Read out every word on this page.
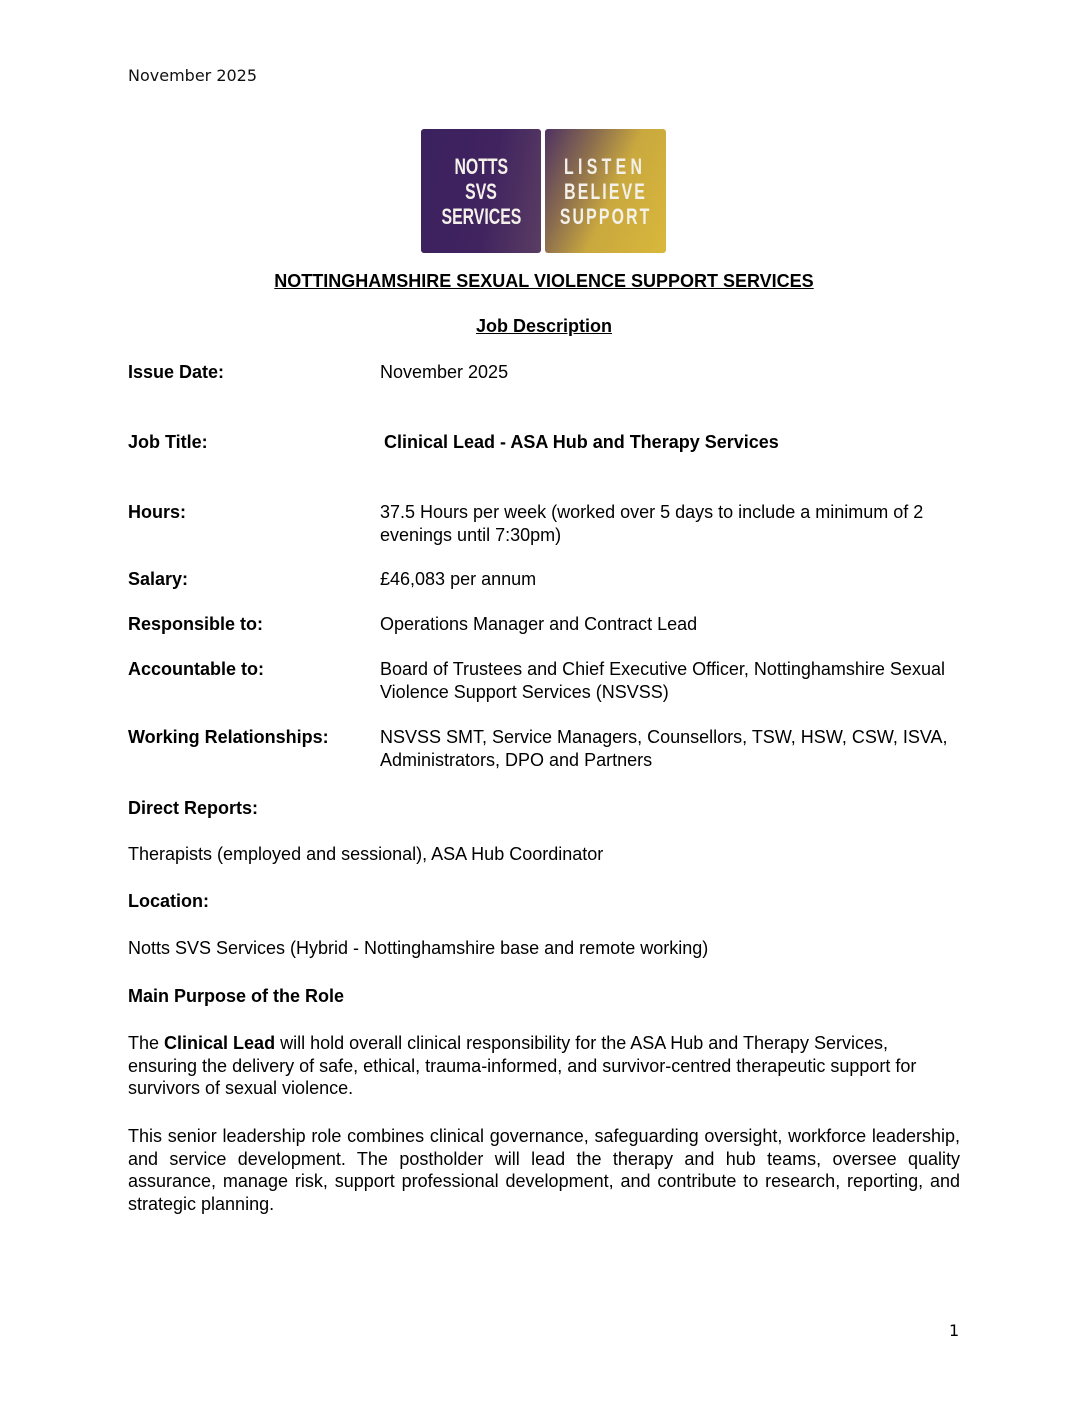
November 2025
NOTTS
SVS
SERVICES
LISTEN
BELIEVE
SUPPORT
NOTTINGHAMSHIRE SEXUAL VIOLENCE SUPPORT SERVICES
Job Description
Issue Date:	November 2025
Job Title:	Clinical Lead - ASA Hub and Therapy Services
Hours:	37.5 Hours per week (worked over 5 days to include a minimum of 2 evenings until 7:30pm)
Salary:	£46,083 per annum
Responsible to:	Operations Manager and Contract Lead
Accountable to:	Board of Trustees and Chief Executive Officer, Nottinghamshire Sexual Violence Support Services (NSVSS)
Working Relationships:	NSVSS SMT, Service Managers, Counsellors, TSW, HSW, CSW, ISVA, Administrators, DPO and Partners
Direct Reports:
Therapists (employed and sessional), ASA Hub Coordinator
Location:
Notts SVS Services (Hybrid - Nottinghamshire base and remote working)
Main Purpose of the Role
The Clinical Lead will hold overall clinical responsibility for the ASA Hub and Therapy Services, ensuring the delivery of safe, ethical, trauma-informed, and survivor-centred therapeutic support for survivors of sexual violence.
This senior leadership role combines clinical governance, safeguarding oversight, workforce leadership, and service development. The postholder will lead the therapy and hub teams, oversee quality assurance, manage risk, support professional development, and contribute to research, reporting, and strategic planning.
1
